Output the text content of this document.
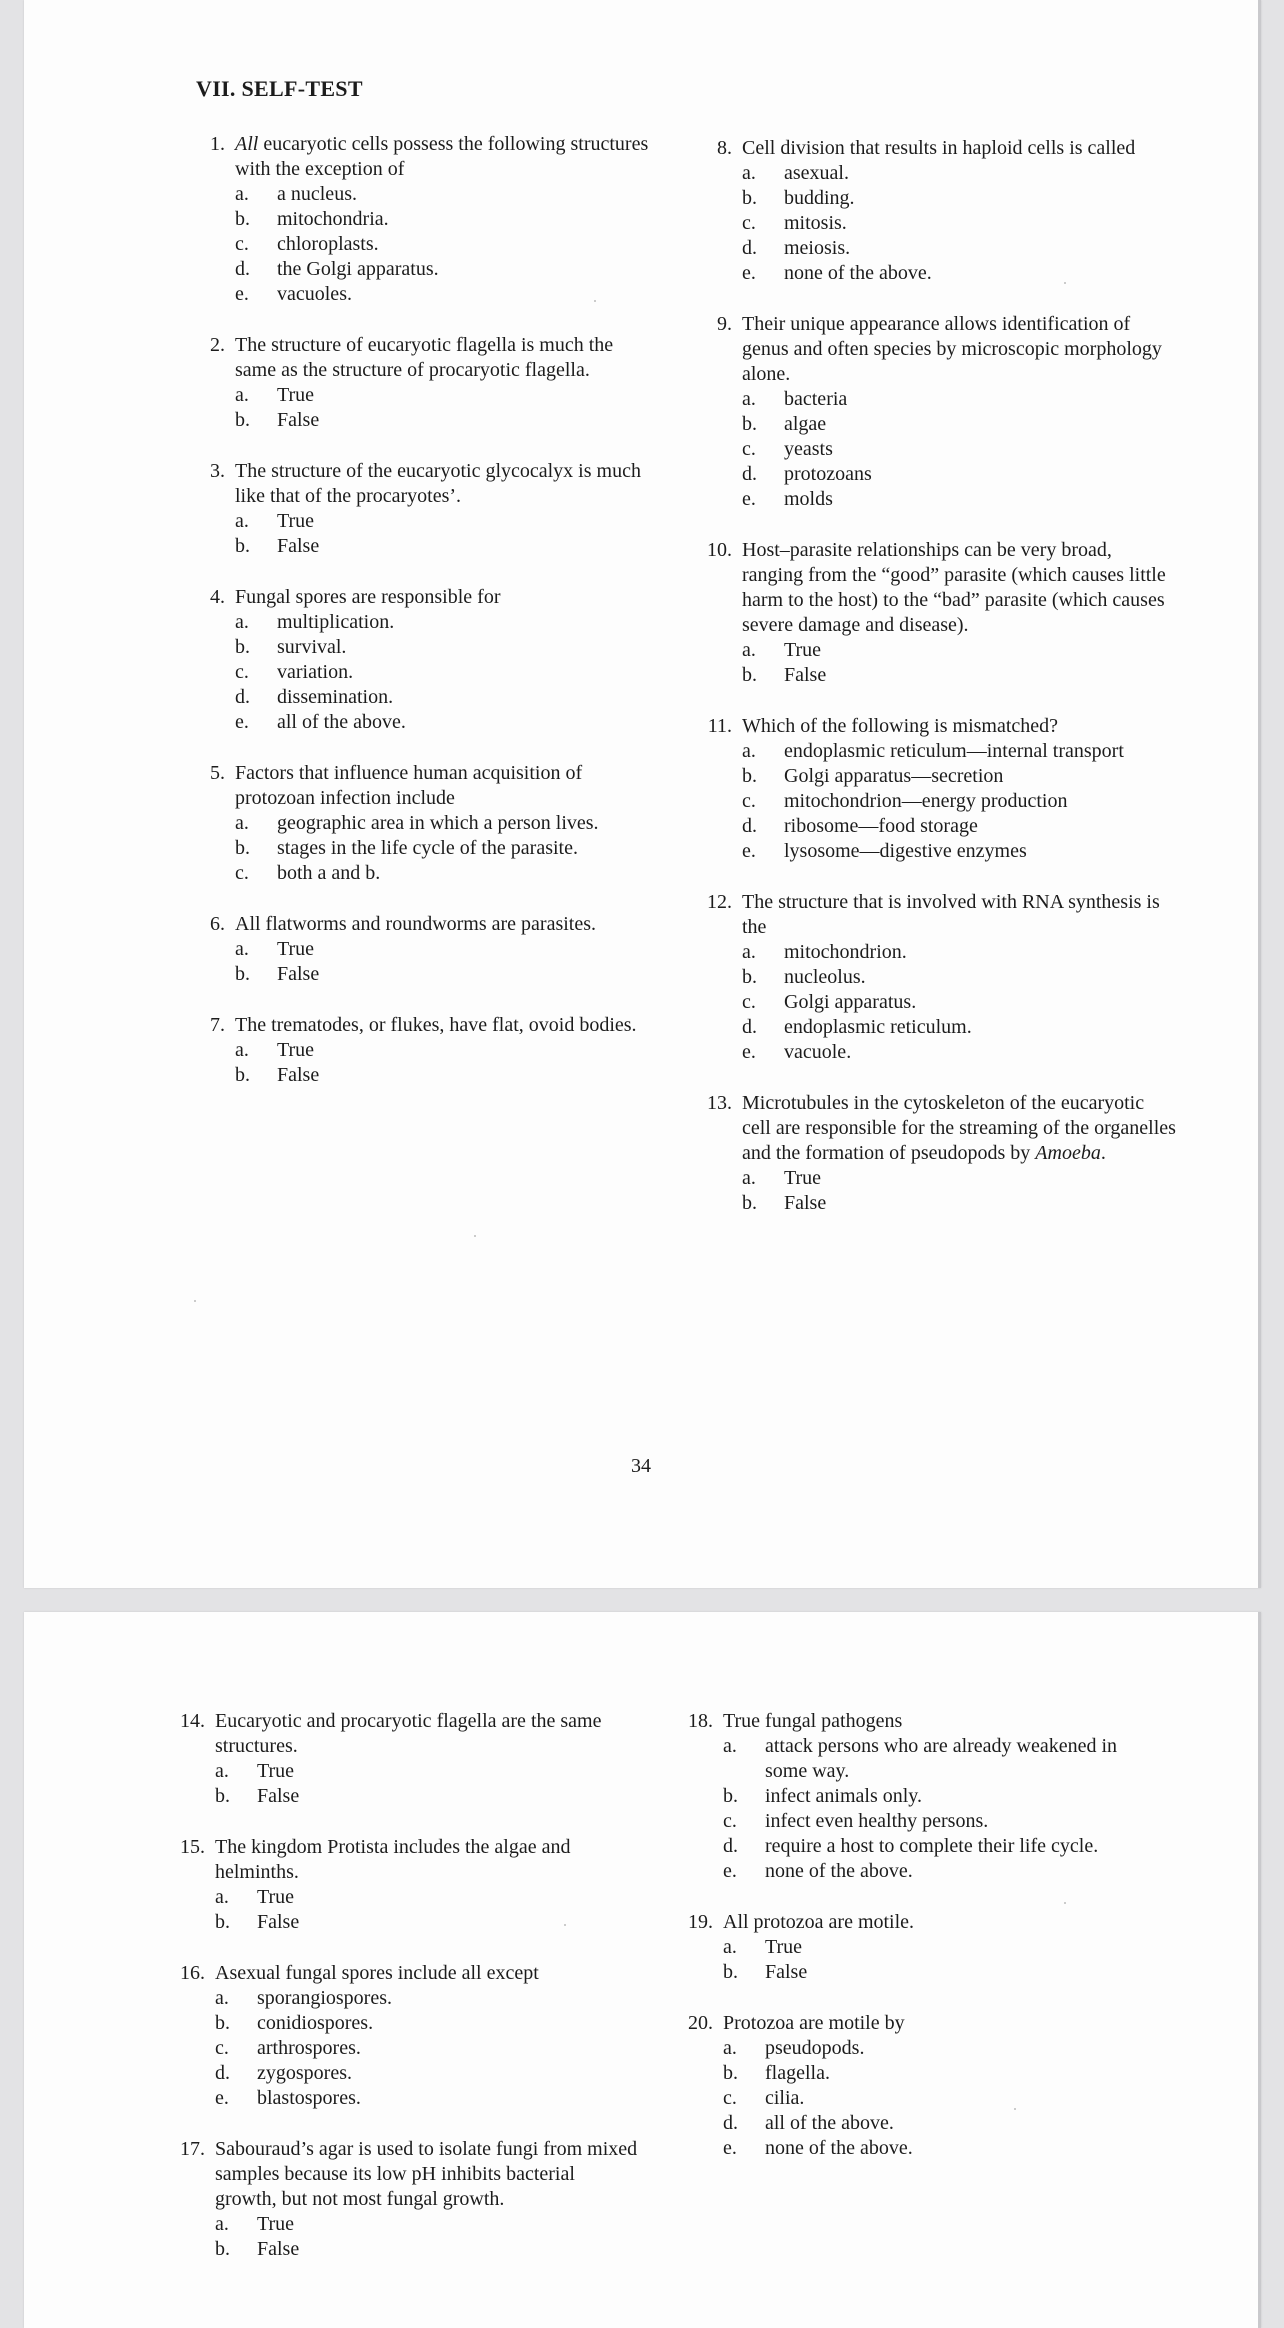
VII. SELF-TEST
1. All eucaryotic cells possess the following structures with the exception of
a.	a nucleus.
b.	mitochondria.
c.	chloroplasts.
d.	the Golgi apparatus.
e.	vacuoles.
2. The structure of eucaryotic flagella is much the same as the structure of procaryotic flagella.
a.	True
b.	False
3. The structure of the eucaryotic glycocalyx is much like that of the procaryotes’.
a.	True
b.	False
4. Fungal spores are responsible for
a.	multiplication.
b.	survival.
c.	variation.
d.	dissemination.
e.	all of the above.
5. Factors that influence human acquisition of protozoan infection include
a.	geographic area in which a person lives.
b.	stages in the life cycle of the parasite.
c.	both a and b.
6. All flatworms and roundworms are parasites.
a.	True
b.	False
7. The trematodes, or flukes, have flat, ovoid bodies.
a.	True
b.	False
8. Cell division that results in haploid cells is called
a.	asexual.
b.	budding.
c.	mitosis.
d.	meiosis.
e.	none of the above.
9. Their unique appearance allows identification of genus and often species by microscopic morphology alone.
a.	bacteria
b.	algae
c.	yeasts
d.	protozoans
e.	molds
10. Host–parasite relationships can be very broad, ranging from the “good” parasite (which causes little harm to the host) to the “bad” parasite (which causes severe damage and disease).
a.	True
b.	False
11. Which of the following is mismatched?
a.	endoplasmic reticulum—internal transport
b.	Golgi apparatus—secretion
c.	mitochondrion—energy production
d.	ribosome—food storage
e.	lysosome—digestive enzymes
12. The structure that is involved with RNA synthesis is the
a.	mitochondrion.
b.	nucleolus.
c.	Golgi apparatus.
d.	endoplasmic reticulum.
e.	vacuole.
13. Microtubules in the cytoskeleton of the eucaryotic cell are responsible for the streaming of the organelles and the formation of pseudopods by Amoeba.
a.	True
b.	False
34
14. Eucaryotic and procaryotic flagella are the same structures.
a.	True
b.	False
15. The kingdom Protista includes the algae and helminths.
a.	True
b.	False
16. Asexual fungal spores include all except
a.	sporangiospores.
b.	conidiospores.
c.	arthrospores.
d.	zygospores.
e.	blastospores.
17. Sabouraud’s agar is used to isolate fungi from mixed samples because its low pH inhibits bacterial growth, but not most fungal growth.
a.	True
b.	False
18. True fungal pathogens
a.	attack persons who are already weakened in some way.
b.	infect animals only.
c.	infect even healthy persons.
d.	require a host to complete their life cycle.
e.	none of the above.
19. All protozoa are motile.
a.	True
b.	False
20. Protozoa are motile by
a.	pseudopods.
b.	flagella.
c.	cilia.
d.	all of the above.
e.	none of the above.
